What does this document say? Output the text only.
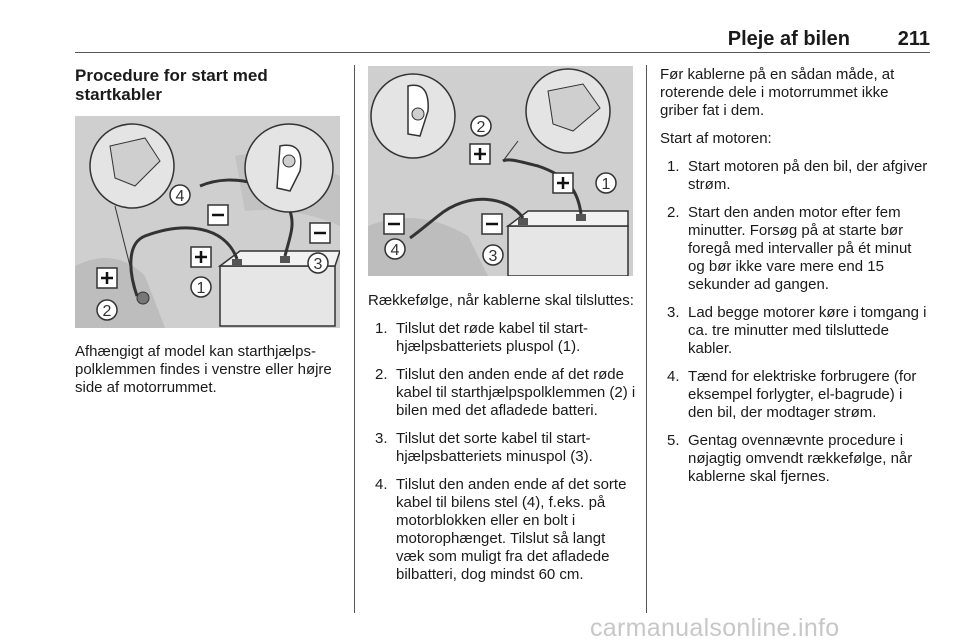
Pleje af bilen	211
Procedure for start med startkabler
4
3
2
1
Afhængigt af model kan starthjælpspolklemmen findes i venstre eller højre side af motorrummet.
2
1
4	3

Rækkefølge, når kablerne skal tilsluttes:

1. Tilslut det røde kabel til starthjælpsbatteriets pluspol (1).
2. Tilslut den anden ende af det røde kabel til starthjælpspolklemmen (2) i bilen med det afladede batteri.
3. Tilslut det sorte kabel til starthjælpsbatteriets minuspol (3).
4. Tilslut den anden ende af det sorte kabel til bilens stel (4), f.eks. på motorblokken eller en bolt i motorophænget. Tilslut så langt væk som muligt fra det afladede bilbatteri, dog mindst 60 cm.

Før kablerne på en sådan måde, at roterende dele i motorrummet ikke griber fat i dem.

Start af motoren:

1. Start motoren på den bil, der afgiver strøm.
2. Start den anden motor efter fem minutter. Forsøg på at starte bør foregå med intervaller på ét minut og bør ikke vare mere end 15 sekunder ad gangen.
3. Lad begge motorer køre i tomgang i ca. tre minutter med tilsluttede kabler.
4. Tænd for elektriske forbrugere (for eksempel forlygter, el-bagrude) i den bil, der modtager strøm.
5. Gentag ovennævnte procedure i nøjagtig omvendt rækkefølge, når kablerne skal fjernes.
carmanualsonline.info
